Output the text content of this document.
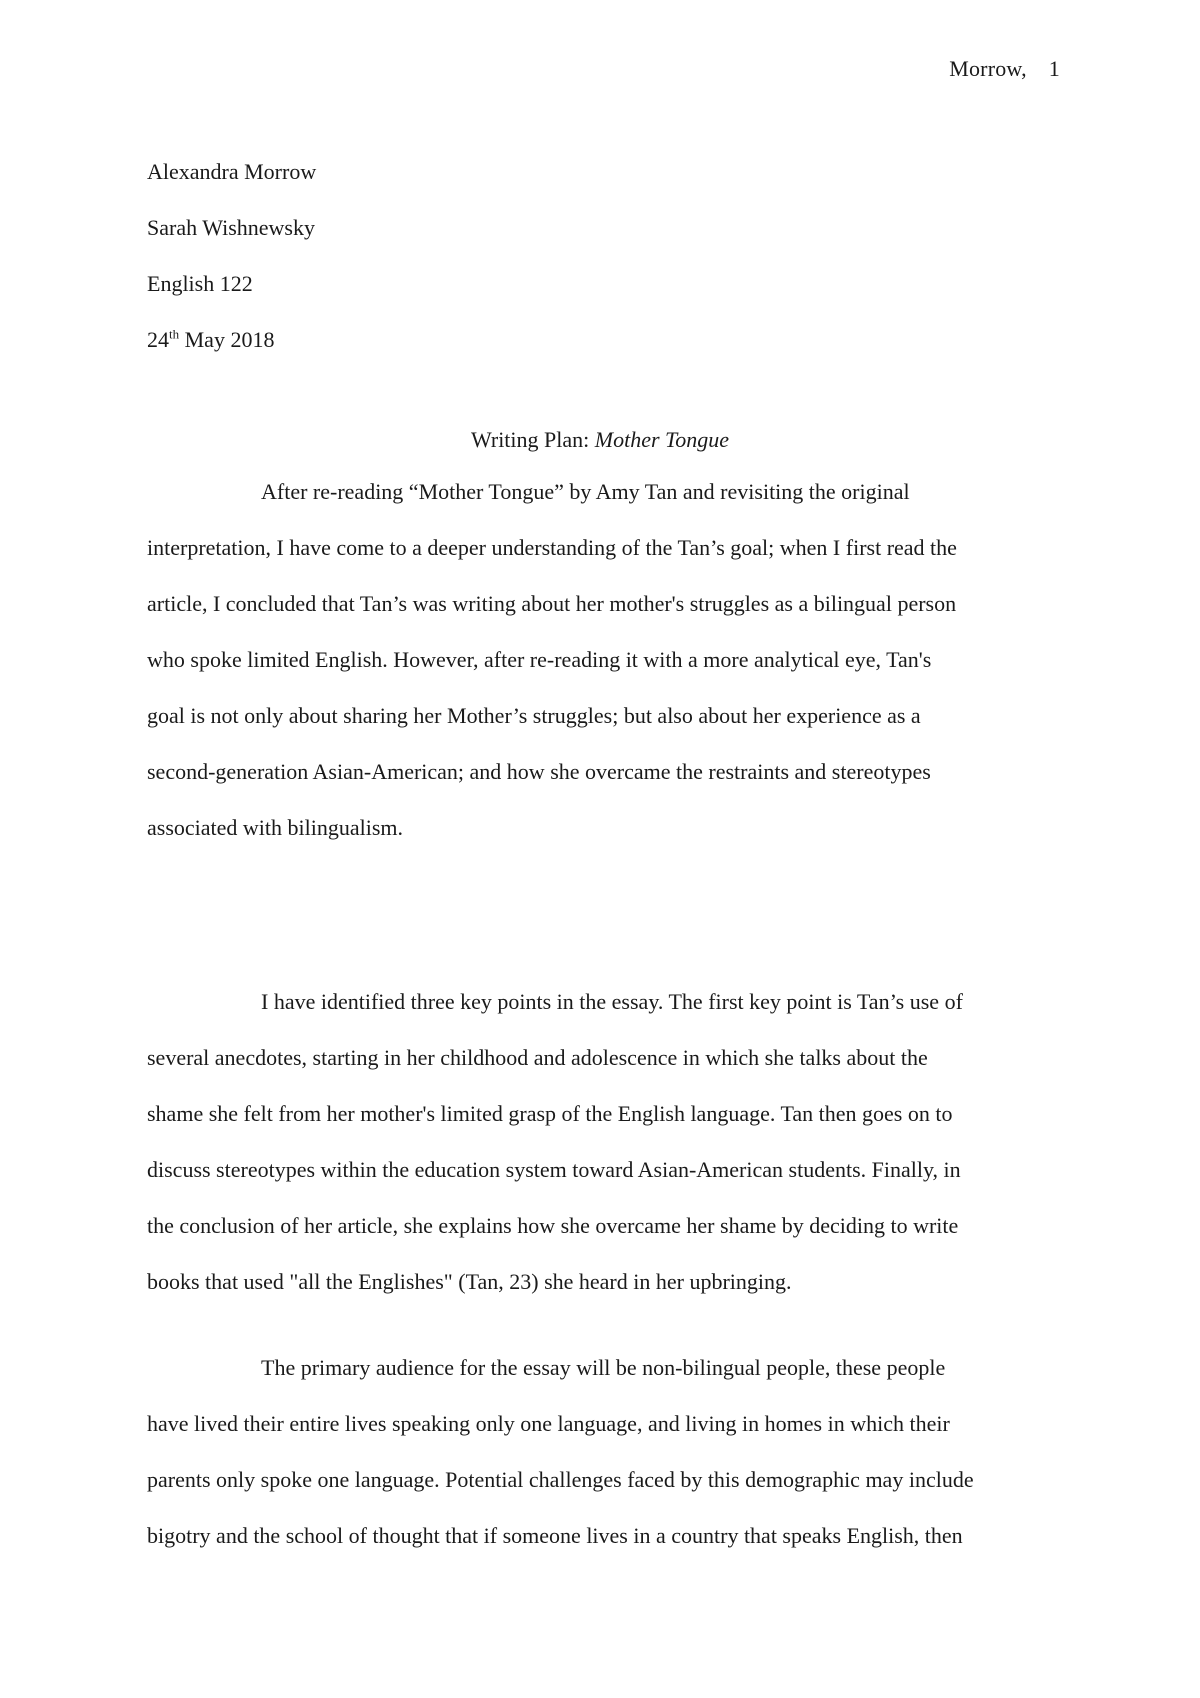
Morrow, 1
Alexandra Morrow
Sarah Wishnewsky
English 122
24th May 2018
Writing Plan: Mother Tongue
After re-reading “Mother Tongue” by Amy Tan and revisiting the original
interpretation, I have come to a deeper understanding of the Tan’s goal; when I first read the
article, I concluded that Tan’s was writing about her mother's struggles as a bilingual person
who spoke limited English. However, after re-reading it with a more analytical eye, Tan's
goal is not only about sharing her Mother’s struggles; but also about her experience as a
second-generation Asian-American; and how she overcame the restraints and stereotypes
associated with bilingualism.
I have identified three key points in the essay. The first key point is Tan’s use of
several anecdotes, starting in her childhood and adolescence in which she talks about the
shame she felt from her mother's limited grasp of the English language. Tan then goes on to
discuss stereotypes within the education system toward Asian-American students. Finally, in
the conclusion of her article, she explains how she overcame her shame by deciding to write
books that used "all the Englishes" (Tan, 23) she heard in her upbringing.
The primary audience for the essay will be non-bilingual people, these people
have lived their entire lives speaking only one language, and living in homes in which their
parents only spoke one language. Potential challenges faced by this demographic may include
bigotry and the school of thought that if someone lives in a country that speaks English, then
